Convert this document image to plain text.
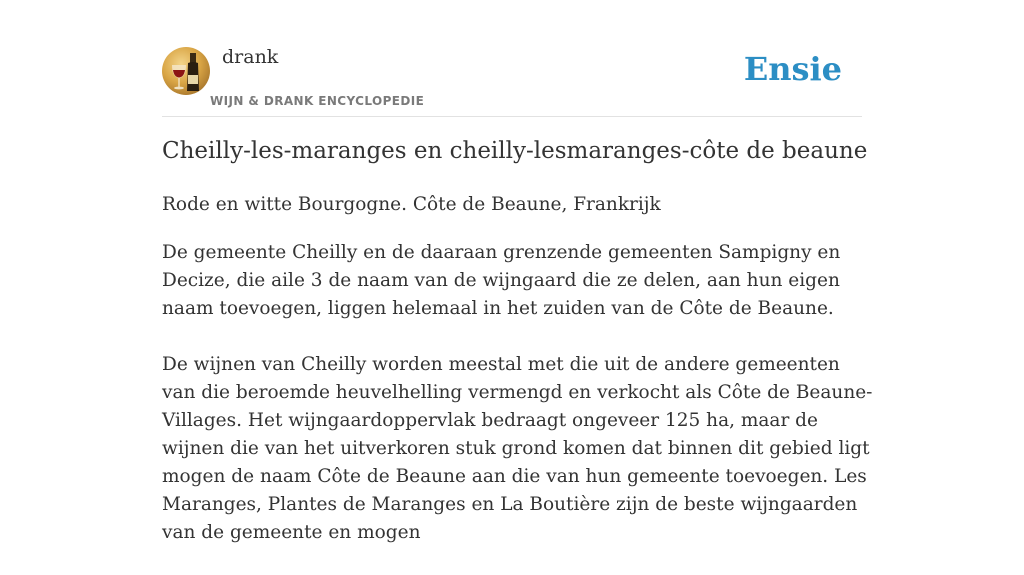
drank
WIJN & DRANK ENCYCLOPEDIE
Ensie
Cheilly-les-maranges en cheilly-lesmaranges-côte de beaune

Rode en witte Bourgogne. Côte de Beaune, Frankrijk

De gemeente Cheilly en de daaraan grenzende gemeenten Sampigny en Decize, die aile 3 de naam van de wijngaard die ze delen, aan hun eigen naam toevoegen, liggen helemaal in het zuiden van de Côte de Beaune.

De wijnen van Cheilly worden meestal met die uit de andere gemeenten van die beroemde heuvelhelling vermengd en verkocht als Côte de Beaune-Villages. Het wijngaardoppervlak bedraagt ongeveer 125 ha, maar de wijnen die van het uitverkoren stuk grond komen dat binnen dit gebied ligt mogen de naam Côte de Beaune aan die van hun gemeente toevoegen. Les Maranges, Plantes de Maranges en La Boutière zijn de beste wijngaarden van de gemeente en mogen
